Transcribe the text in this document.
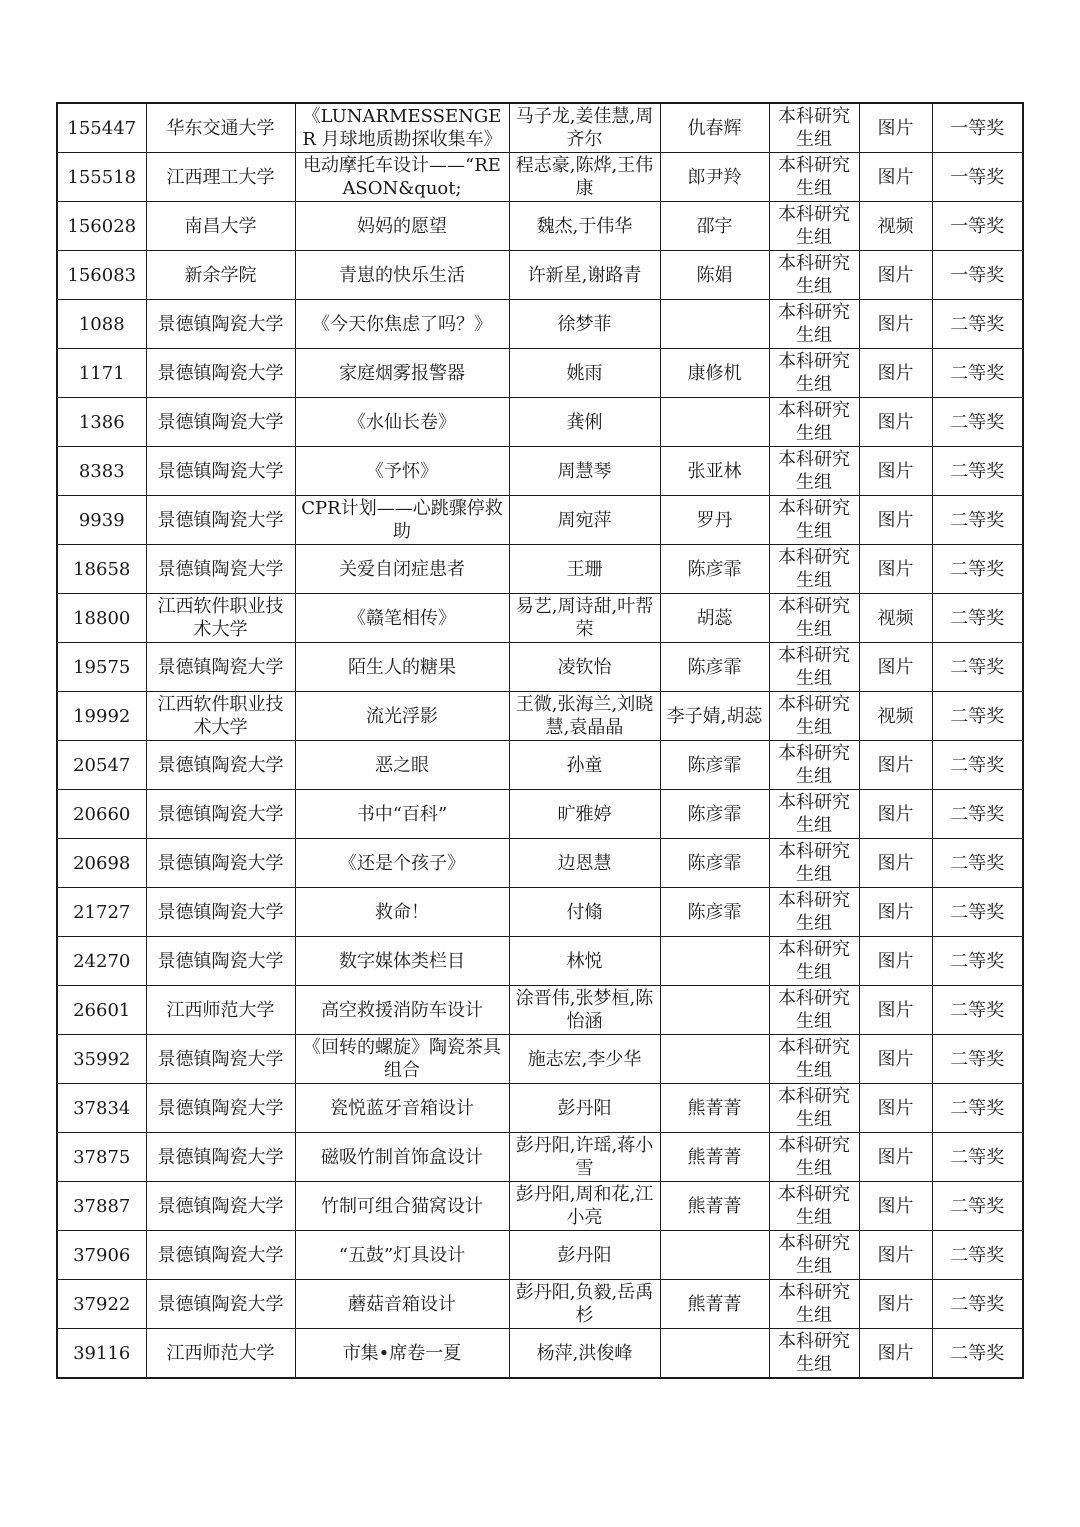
155447	华东交通大学	《LUNARMESSENGER 月球地质勘探收集车》	马子龙,姜佳慧,周齐尔	仇春辉	本科研究生组	图片	一等奖
155518	江西理工大学	电动摩托车设计——“REASON&quot;	程志豪,陈烨,王伟康	郎尹羚	本科研究生组	图片	一等奖
156028	南昌大学	妈妈的愿望	魏杰,于伟华	邵宇	本科研究生组	视频	一等奖
156083	新余学院	青崽的快乐生活	许新星,谢路青	陈娟	本科研究生组	图片	一等奖
1088	景德镇陶瓷大学	《今天你焦虑了吗？》	徐梦菲		本科研究生组	图片	二等奖
1171	景德镇陶瓷大学	家庭烟雾报警器	姚雨	康修机	本科研究生组	图片	二等奖
1386	景德镇陶瓷大学	《水仙长卷》	龚俐		本科研究生组	图片	二等奖
8383	景德镇陶瓷大学	《予怀》	周慧琴	张亚林	本科研究生组	图片	二等奖
9939	景德镇陶瓷大学	CPR计划——心跳骤停救助	周宛萍	罗丹	本科研究生组	图片	二等奖
18658	景德镇陶瓷大学	关爱自闭症患者	王珊	陈彦霏	本科研究生组	图片	二等奖
18800	江西软件职业技术大学	《赣笔相传》	易艺,周诗甜,叶帮荣	胡蕊	本科研究生组	视频	二等奖
19575	景德镇陶瓷大学	陌生人的糖果	凌钦怡	陈彦霏	本科研究生组	图片	二等奖
19992	江西软件职业技术大学	流光浮影	王微,张海兰,刘晓慧,袁晶晶	李子婧,胡蕊	本科研究生组	视频	二等奖
20547	景德镇陶瓷大学	恶之眼	孙童	陈彦霏	本科研究生组	图片	二等奖
20660	景德镇陶瓷大学	书中“百科”	旷雅婷	陈彦霏	本科研究生组	图片	二等奖
20698	景德镇陶瓷大学	《还是个孩子》	边恩慧	陈彦霏	本科研究生组	图片	二等奖
21727	景德镇陶瓷大学	救命！	付翛	陈彦霏	本科研究生组	图片	二等奖
24270	景德镇陶瓷大学	数字媒体类栏目	林悦		本科研究生组	图片	二等奖
26601	江西师范大学	高空救援消防车设计	涂晋伟,张梦桓,陈怡涵		本科研究生组	图片	二等奖
35992	景德镇陶瓷大学	《回转的螺旋》陶瓷茶具组合	施志宏,李少华		本科研究生组	图片	二等奖
37834	景德镇陶瓷大学	瓷悦蓝牙音箱设计	彭丹阳	熊菁菁	本科研究生组	图片	二等奖
37875	景德镇陶瓷大学	磁吸竹制首饰盒设计	彭丹阳,许瑶,蒋小雪	熊菁菁	本科研究生组	图片	二等奖
37887	景德镇陶瓷大学	竹制可组合猫窝设计	彭丹阳,周和花,江小亮	熊菁菁	本科研究生组	图片	二等奖
37906	景德镇陶瓷大学	“五鼓”灯具设计	彭丹阳		本科研究生组	图片	二等奖
37922	景德镇陶瓷大学	蘑菇音箱设计	彭丹阳,负毅,岳禹杉	熊菁菁	本科研究生组	图片	二等奖
39116	江西师范大学	市集•席卷一夏	杨萍,洪俊峰		本科研究生组	图片	二等奖
